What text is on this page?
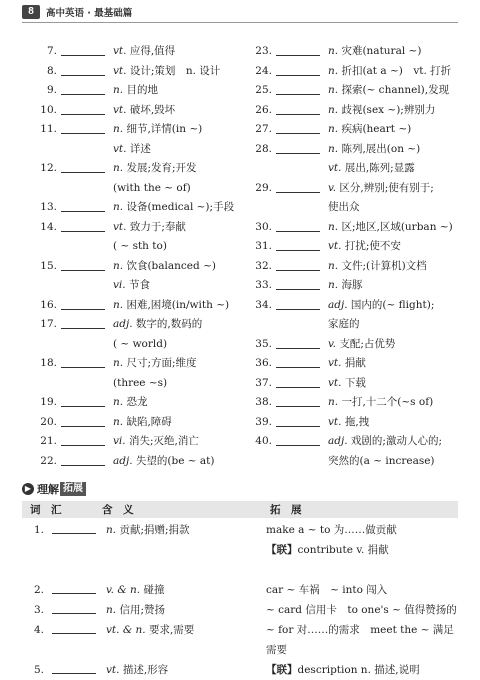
8	高中英语 · 最基础篇
7.	vt. 应得,值得
8.	vt. 设计;策划　n. 设计
9.	n. 目的地
10.	vt. 破坏,毁坏
11.	n. 细节,详情(in ~)
vt. 详述
12.	n. 发展;发育;开发
(with the ~ of)
13.	n. 设备(medical ~);手段
14.	vt. 致力于;奉献
( ~ sth to)
15.	n. 饮食(balanced ~)
vi. 节食
16.	n. 困难,困境(in/with ~)
17.	adj. 数字的,数码的
( ~ world)
18.	n. 尺寸;方面;维度
(three ~s)
19.	n. 恐龙
20.	n. 缺陷,障碍
21.	vi. 消失;灭绝,消亡
22.	adj. 失望的(be ~ at)
23.	n. 灾难(natural ~)
24.	n. 折扣(at a ~)　vt. 打折
25.	n. 探索(~ channel),发现
26.	n. 歧视(sex ~);辨别力
27.	n. 疾病(heart ~)
28.	n. 陈列,展出(on ~)
vt. 展出,陈列;显露
29.	v. 区分,辨别;使有别于;
使出众
30.	n. 区;地区,区域(urban ~)
31.	vt. 打扰;使不安
32.	n. 文件;(计算机)文档
33.	n. 海豚
34.	adj. 国内的(~ flight);
家庭的
35.	v. 支配;占优势
36.	vt. 捐献
37.	vt. 下载
38.	n. 一打,十二个(~s of)
39.	vt. 拖,拽
40.	adj. 戏剧的;激动人心的;
突然的(a ~ increase)
▶ 理解 拓展
词　汇	含　义	拓　展
1.	n. 贡献;捐赠;捐款	make a ~ to 为……做贡献
【联】contribute v. 捐献
2.	v. & n. 碰撞	car ~ 车祸　~ into 闯入
3.	n. 信用;赞扬	~ card 信用卡　to one's ~ 值得赞扬的
4.	vt. & n. 要求,需要	~ for 对……的需求　meet the ~ 满足需要
5.	vt. 描述,形容	【联】description n. 描述,说明
